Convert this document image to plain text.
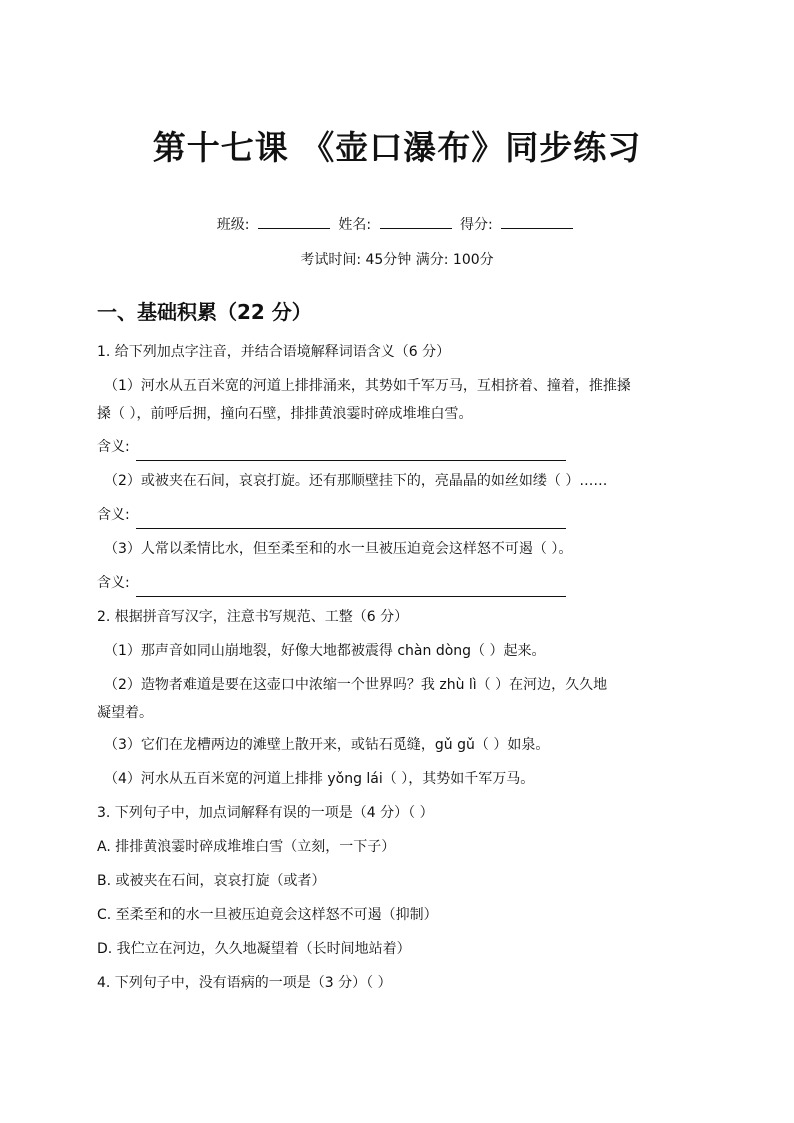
第十七课 《壶口瀑布》同步练习
班级:	姓名:	得分:
考试时间: 45分钟 满分: 100分
一、基础积累（22 分）
1. 给下列加点字注音，并结合语境解释词语含义（6 分）
（1）河水从五百米宽的河道上排排涌来，其势如千军万马，互相挤着、撞着，推推搡
搡（ ），前呼后拥，撞向石壁，排排黄浪霎时碎成堆堆白雪。
含义:
（2）或被夹在石间，哀哀打旋。还有那顺壁挂下的，亮晶晶的如丝如缕（ ）……
含义:
（3）人常以柔情比水，但至柔至和的水一旦被压迫竟会这样怒不可遏（ ）。
含义:
2. 根据拼音写汉字，注意书写规范、工整（6 分）
（1）那声音如同山崩地裂，好像大地都被震得 chàn dòng（ ）起来。
（2）造物者难道是要在这壶口中浓缩一个世界吗？我 zhù lì（ ）在河边，久久地
凝望着。
（3）它们在龙槽两边的滩壁上散开来，或钻石觅缝，gǔ gǔ（ ）如泉。
（4）河水从五百米宽的河道上排排 yǒng lái（ ），其势如千军万马。
3. 下列句子中，加点词解释有误的一项是（4 分）（ ）
A. 排排黄浪霎时碎成堆堆白雪（立刻，一下子）
B. 或被夹在石间，哀哀打旋（或者）
C. 至柔至和的水一旦被压迫竟会这样怒不可遏（抑制）
D. 我伫立在河边，久久地凝望着（长时间地站着）
4. 下列句子中，没有语病的一项是（3 分）（ ）
